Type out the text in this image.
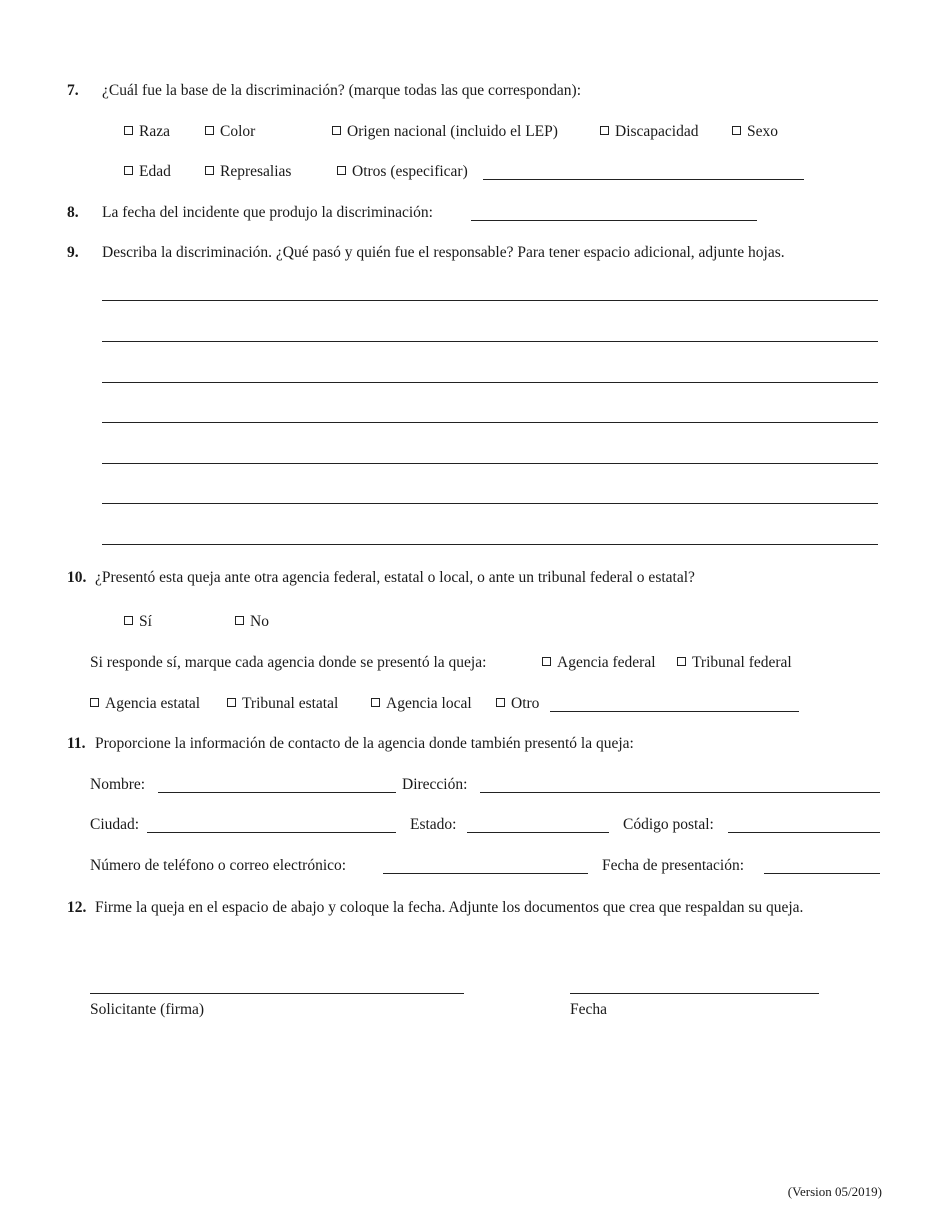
7. ¿Cuál fue la base de la discriminación? (marque todas las que correspondan):
Raza	Color	Origen nacional (incluido el LEP)	Discapacidad	Sexo
Edad	Represalias	Otros (especificar)
8. La fecha del incidente que produjo la discriminación:
9. Describa la discriminación. ¿Qué pasó y quién fue el responsable? Para tener espacio adicional, adjunte hojas.
10. ¿Presentó esta queja ante otra agencia federal, estatal o local, o ante un tribunal federal o estatal?
Sí	No
Si responde sí, marque cada agencia donde se presentó la queja:	Agencia federal	Tribunal federal
Agencia estatal	Tribunal estatal	Agencia local	Otro
11. Proporcione la información de contacto de la agencia donde también presentó la queja:
Nombre:	Dirección:
Ciudad:	Estado:	Código postal:
Número de teléfono o correo electrónico:	Fecha de presentación:
12. Firme la queja en el espacio de abajo y coloque la fecha. Adjunte los documentos que crea que respaldan su queja.
Solicitante (firma)	Fecha
(Version 05/2019)
